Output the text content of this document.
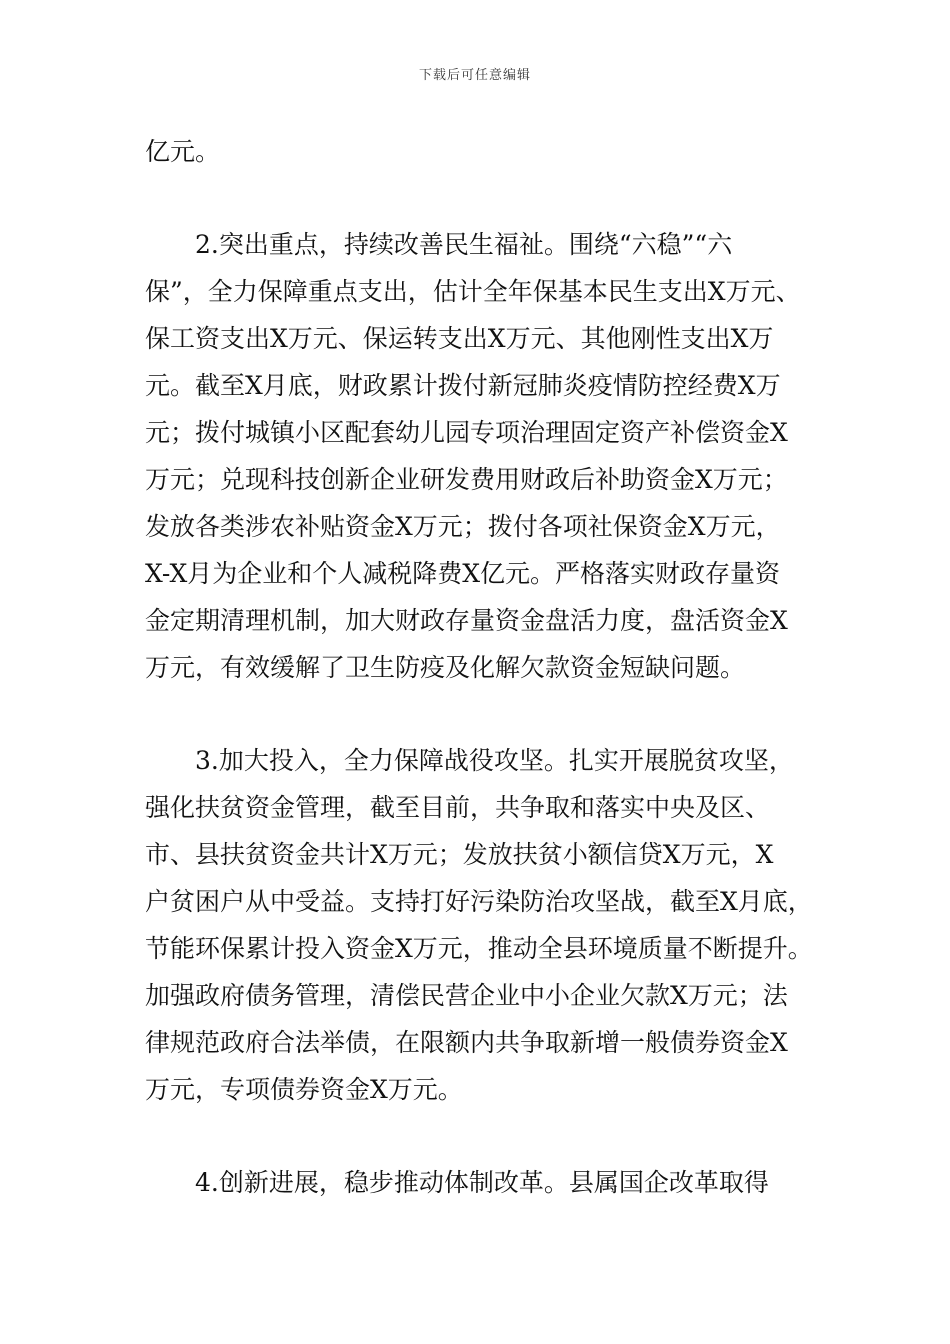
下载后可任意编辑
亿元。
2.突出重点，持续改善民生福祉。围绕“六稳”“六
保”，全力保障重点支出，估计全年保基本民生支出X万元、
保工资支出X万元、保运转支出X万元、其他刚性支出X万
元。截至X月底，财政累计拨付新冠肺炎疫情防控经费X万
元；拨付城镇小区配套幼儿园专项治理固定资产补偿资金X
万元；兑现科技创新企业研发费用财政后补助资金X万元；
发放各类涉农补贴资金X万元；拨付各项社保资金X万元，
X-X月为企业和个人减税降费X亿元。严格落实财政存量资
金定期清理机制，加大财政存量资金盘活力度，盘活资金X
万元，有效缓解了卫生防疫及化解欠款资金短缺问题。
3.加大投入，全力保障战役攻坚。扎实开展脱贫攻坚，
强化扶贫资金管理，截至目前，共争取和落实中央及区、
市、县扶贫资金共计X万元；发放扶贫小额信贷X万元，X
户贫困户从中受益。支持打好污染防治攻坚战，截至X月底，
节能环保累计投入资金X万元，推动全县环境质量不断提升。
加强政府债务管理，清偿民营企业中小企业欠款X万元；法
律规范政府合法举债，在限额内共争取新增一般债券资金X
万元，专项债券资金X万元。
4.创新进展，稳步推动体制改革。县属国企改革取得
